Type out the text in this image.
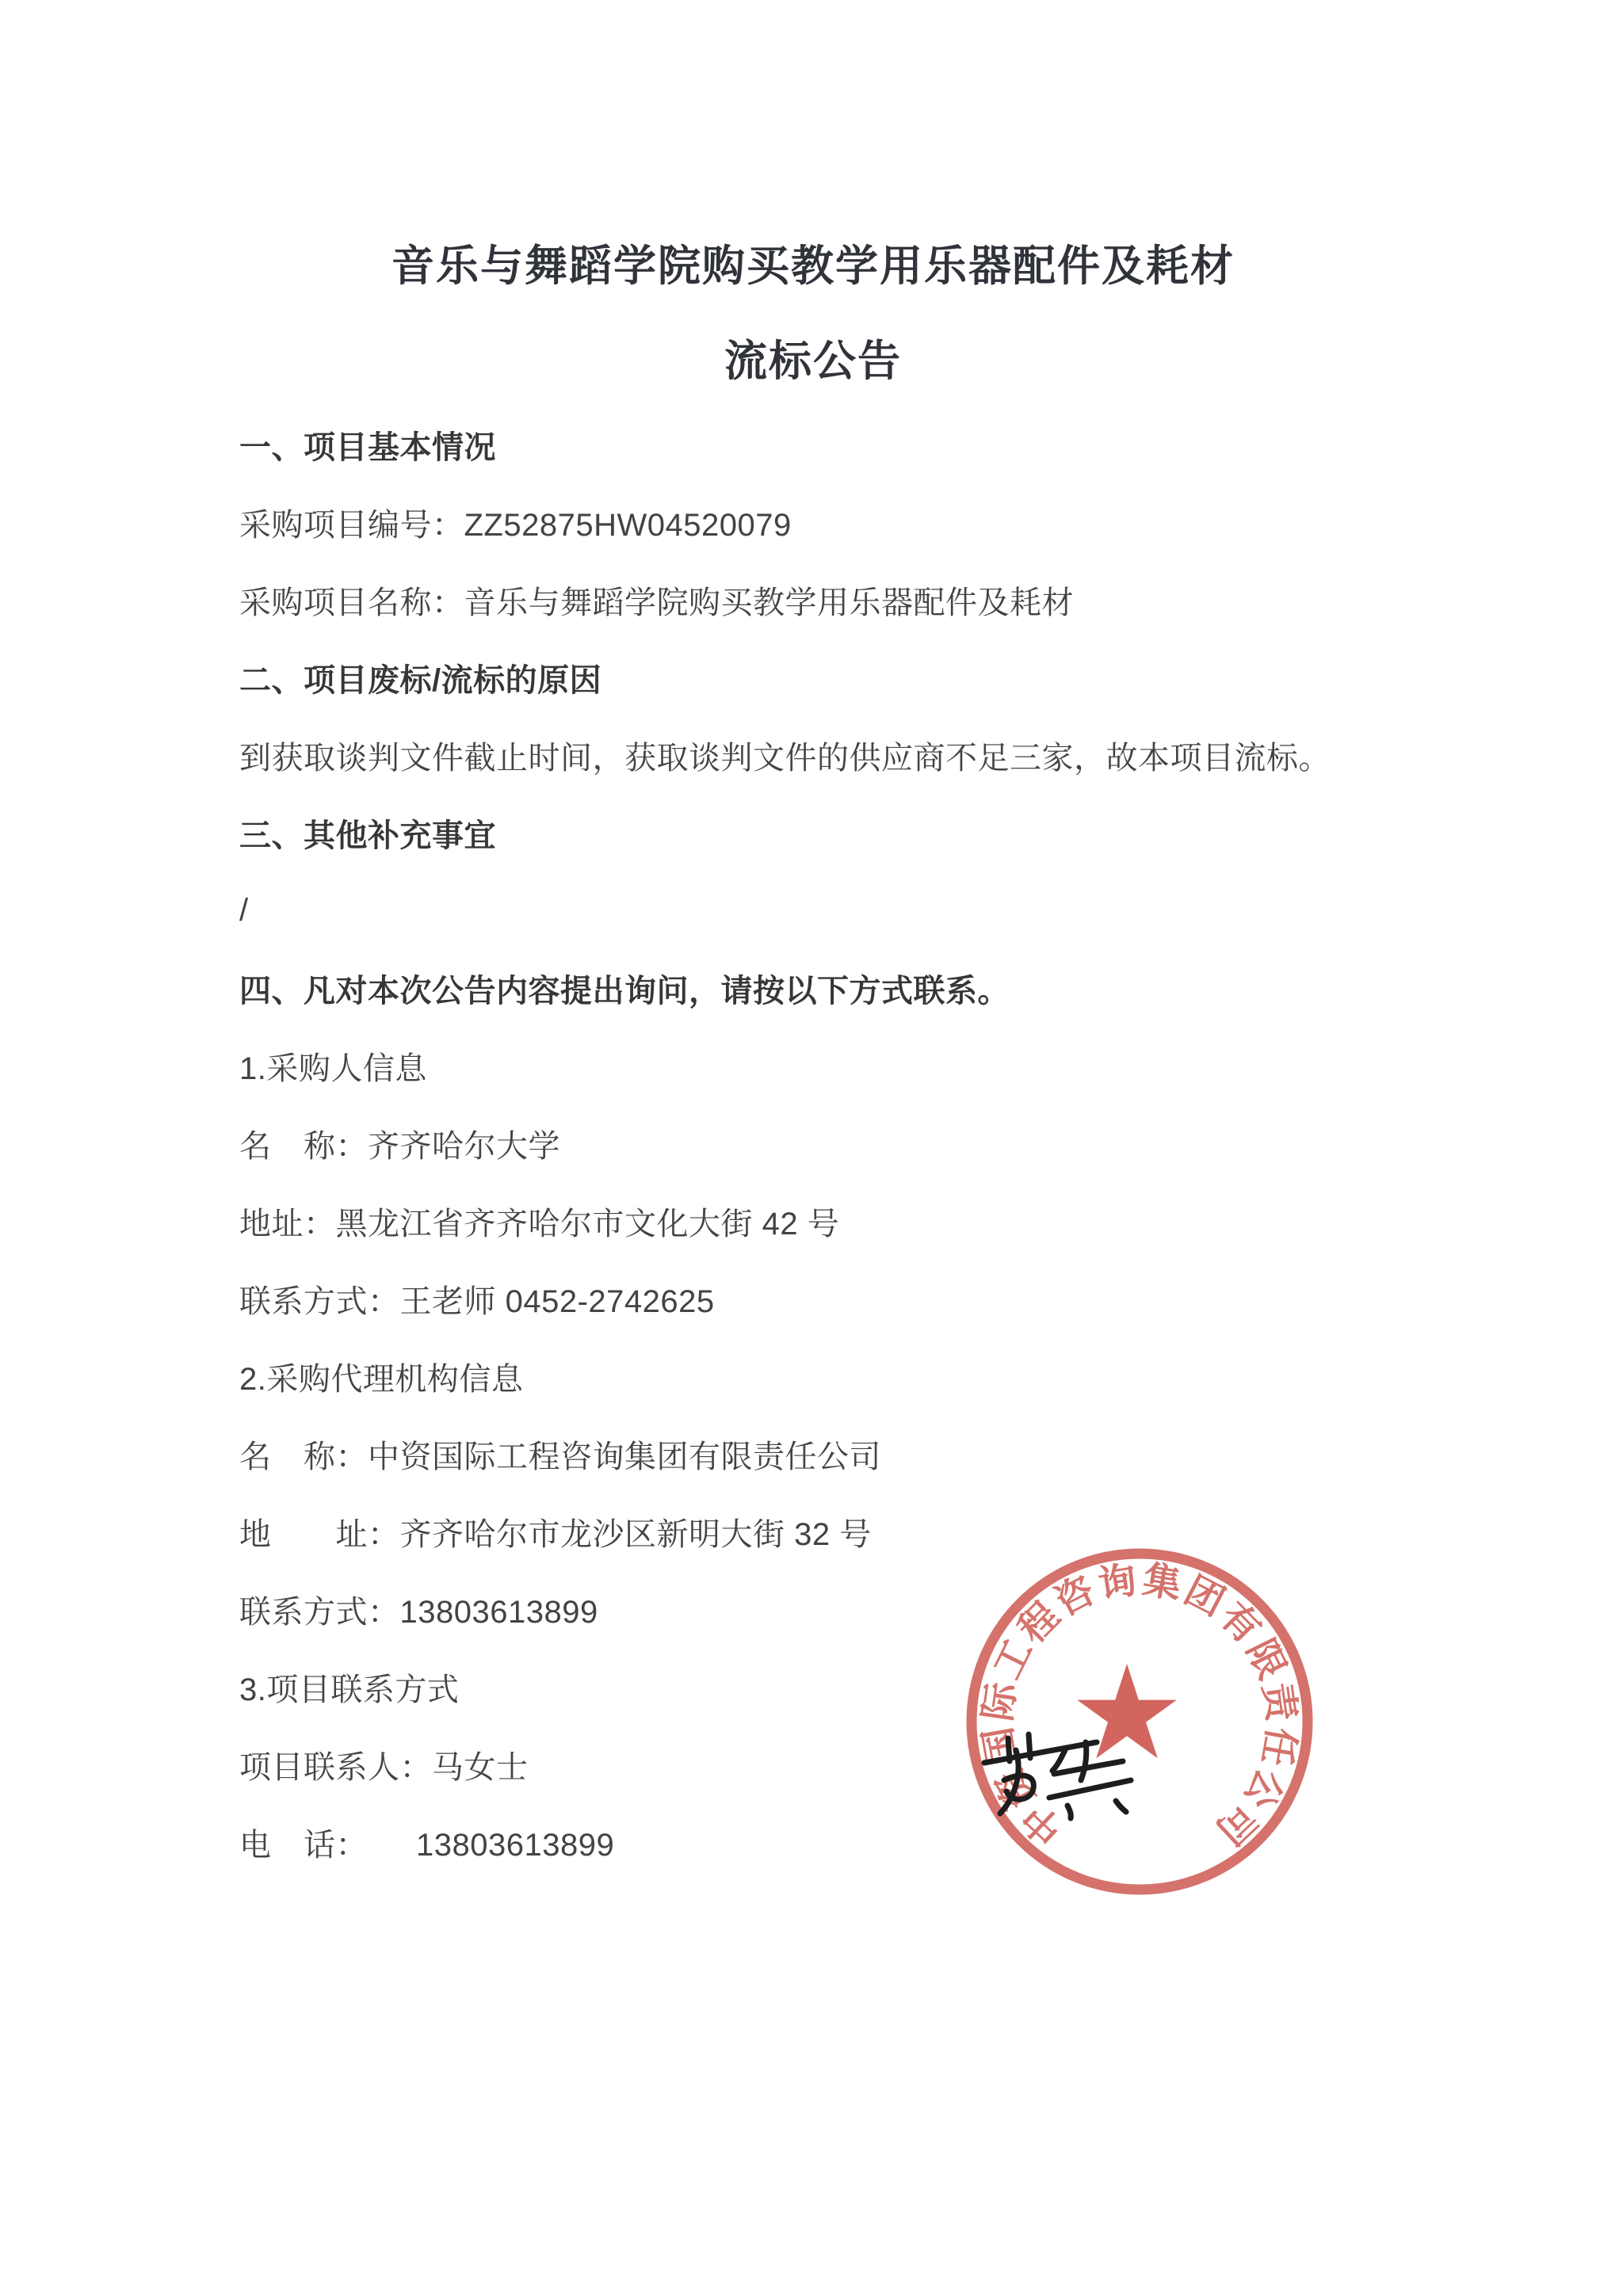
音乐与舞蹈学院购买教学用乐器配件及耗材
流标公告

一、项目基本情况

采购项目编号：ZZ52875HW04520079

采购项目名称：音乐与舞蹈学院购买教学用乐器配件及耗材

二、项目废标/流标的原因

到获取谈判文件截止时间，获取谈判文件的供应商不足三家，故本项目流标。

三、其他补充事宜

/

四、凡对本次公告内容提出询问，请按以下方式联系。

1.采购人信息

名　称：齐齐哈尔大学

地址：黑龙江省齐齐哈尔市文化大街 42 号

联系方式：王老师 0452-2742625

2.采购代理机构信息

名　称：中资国际工程咨询集团有限责任公司

地　　址：齐齐哈尔市龙沙区新明大街 32 号

联系方式：13803613899

3.项目联系方式

项目联系人：马女士

电　话：　　13803613899	中资国际工程咨询集团有限责任公司
